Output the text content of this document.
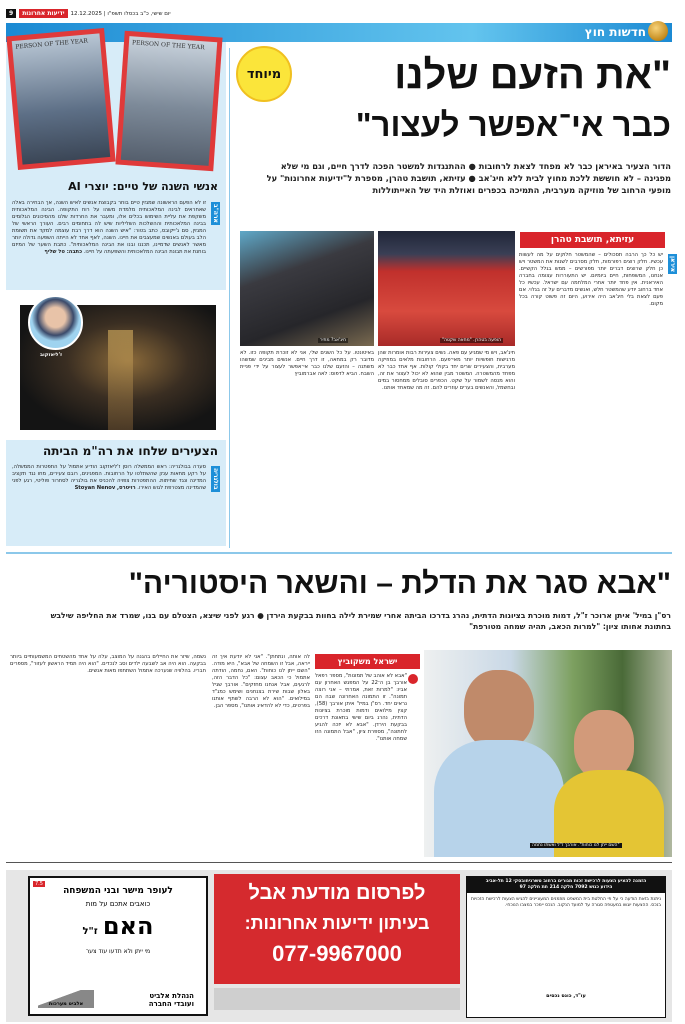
9	ידיעות אחרונות	יום שישי, כ"ב בכסלו תשפ"ו | 12.12.2025
חדשות חוץ
PERSON OF THE YEAR	PERSON OF THE YEAR
אנשי השנה של טיים: יוצרי AI
ארה"ב
זו לא הפעם הראשונה שמגזין טיים בוחר בקבוצת אנשים לאיש השנה, אך הבחירה באלה שאחראים לבינה המלאכותית מלמדת משהו על רוח התקופה. הבינה המלאכותית משקפת את עליית השימוש בכלים אלו, ומעבר את החרדות שלנו מהסיכונים הגלומים בבינה המלאכותית וההשלכות השליליות שיש לה בתחומים רבים. העורך הראשי של המגזין, סם ג'ייקובס, כתב בטור: "איש השנה הוא דרך רבת עוצמה למקד את תשומת הלב בעולם באנשים שמעצבים את חיינו. השנה, לאף אחד לא הייתה השפעה גדולה יותר מאשר לאנשים שדמיינו, תכננו ובנו את הבינה המלאכותית". כתבת השער של המיזם בוחנת את תבונת הבינה המלאכותית והשפעתה על חיינו. כתבה: טל שליף
ז'ליאזקוב
הצעירים שלחו את רה"מ הביתה
בולגריה
סערה בבולגריה: ראש הממשלה רוסן ז'ליאזקוב הודיע אתמול על התפטרות הממשלה, על רקע מחאות ענק שהשתלטו על הרחובות. המפגינים, רובם צעירים, מחו נגד תקציב המדינה ונגד שחיתות. ההתפטרות צפויה להכניס את בולגריה לסחרור פוליטי, רגע לפני שהמדינה מצטרפת לגוש האירו. רויטרס, Stoyan Nenov
מיוחד	"את הזעם שלנו
כבר אי־אפשר לעצור"
הדור הצעיר באיראן כבר לא מפחד לצאת לרחובות ● ההתנגדות למשטר הפכה לדרך חיים, וגם מי שלא מפגינה – לא חוששת ללכת מחוץ לבית ללא חיג'אב ● עזיתא, תושבת טהרן, מספרת ל"ידיעות אחרונות" על מופעי הרחוב של מוזיקה מערבית, התמיכה בכפרים ואוזלת היד של האייתוללות
חיג'אב? מתיר	הופעה בטהרן. "מחאה שקטה"
עזיתא, תושבת טהרן
איראן
יש כל כך הרבה תסכולים – שהמשטר חלוקים על מה לעשות עכשיו. חלק רוצים רפורמות, חלק מסרבים לשנות את המשטר ויש כן חלק שרוצים דברים יותר מפורשים – ממש בגלל הקשיים. אנחנו, המשפחות, חיים ביומיום. יש התעוררות עצומה בחברה האיראנית. אין פחד יותר אחרי המלחמה עם ישראל. עכשיו כל אחד ברחוב יודע שהמשטר חלש, ואנשים מדברים על זה בגלוי. אם פעם לצאת בלי חיג'אב היה אירוע, היום זה פשוט קורה בכל מקום.
חיג'אב, ויש מי שמגיע עם פאה. נשים צעירות רבות אומרות שהן מרגישות חופשיות יותר מאי־פעם. הרחובות מלאים במוזיקה מערבית, והצעירים שרים יחד בקולי קולות. אף אחד כבר לא מפחד מהמשטרה. המשטר מבין שהוא לא יכול לעצור את זה, והוא מנסה לשמור על שקט. הכפרים סובלים ממחסור במים ובחשמל, והאנשים בערים עוזרים להם. זה מה שמאחד אותנו.
באיטונטו. על כל השנים שלי, אני לא זוכרת תקופה כזו. לא מדובר רק במחאה, זו דרך חיים. אנשים מבינים שמשהו משתנה – והזעם שלנו כבר אי־אפשר לעצור על ידי פניית השבח. הביא לדפוס: לאה אברמוביץ
"אבא סגר את הדלת – והשאר היסטוריה"
רס"ן במיל' איתן ארוכר ז"ל, דמות מוכרת בציונות הדתית, נהרג בדרכו הביתה אחרי שמירת לילה בחוות בבקעת הירדן ● רגע לפני שיצא, הצטלם עם בנו, שמרד את החליפה שילבש בחתונת אחותו ציון: "למרות הכאב, תהיה שמחה מטורפת"
"השם ייתן לנו כוחות". אורבך ז"ל ואשתו נחמה
ישראל משקוביץ
"אבא לא אוהב של תמונות", מספר רפאל אורבך בן ה־22 על המפגש האחרון עם אביו: "למרות זאת, אמרתי – אני רוצה תמונה". זו התמונה האחרונה שבה הם נראים יחד. רס"ן במיל' איתן אורבך (58), קצין מילואים ודמות מוכרת בציונות הדתית, נהרג ביום שישי בתאונת דרכים בבקעת הירדן. "אבא לא יזכה להגיע לחתונה", מספרת ציון, "אבל התמונה הזו שמחה אותנו".
לה אותה, ונתחתן". "אני לא יודעת איך זה ייראה, אבל זו השמחה של אבא", היא מודה. "השם ייתן לנו כוחות". האם, נחמה, הודתה אתמול כי הכאב עצום: "כל הדבר הזה, לרגעים, אבל אנחנו מחזקים". אורבך שגיל באלון שבות שירת בצנחנים ושימש כמג"ד במילואים. "הוא לא הרבה לשתף אותנו בפרטים, כדי לא להדאיג אותנו", מספר הבן.
נשמה, שיזר את החיילים בהגנה על המוצב, עלה על אחד מהשטחים המשמעותיים ביותר בבקעה. הוא היה אב לשבעה ילדים וסב לנכדים. "הוא היה תמיד הראשון לעזור", מספרים חבריו. בהלוויה שנערכה אתמול השתתפו מאות אנשים.
7.5
לעופר מישר ובני המשפחה
כואבים אתכם על מות
האם ז"ל
מי ייתן ולא תדעו עוד צער
הנהלת אלביט
ועובדי החברה
אלביט מערכות
לפרסום מודעת אבל
בעיתון ידיעות אחרונות:
077-9967000
הזמנה להציע הצעות לרכישת זכות מגורים ברחוב טשרניחובסקי 12 תל-אביב
הידוע כגוש 7092 חלקה 214 תת חלקה 97
ניתנת בזאת הודעה כי על פי החלטת בית המשפט מוזמנים המעוניינים להגיש הצעות לרכישת הזכויות בנכס. ההצעות יוגשו במעטפה סגורה עד למועד הנקוב. הנכס יימכר במצבו הנוכחי.
עו"ד, כונס נכסים
